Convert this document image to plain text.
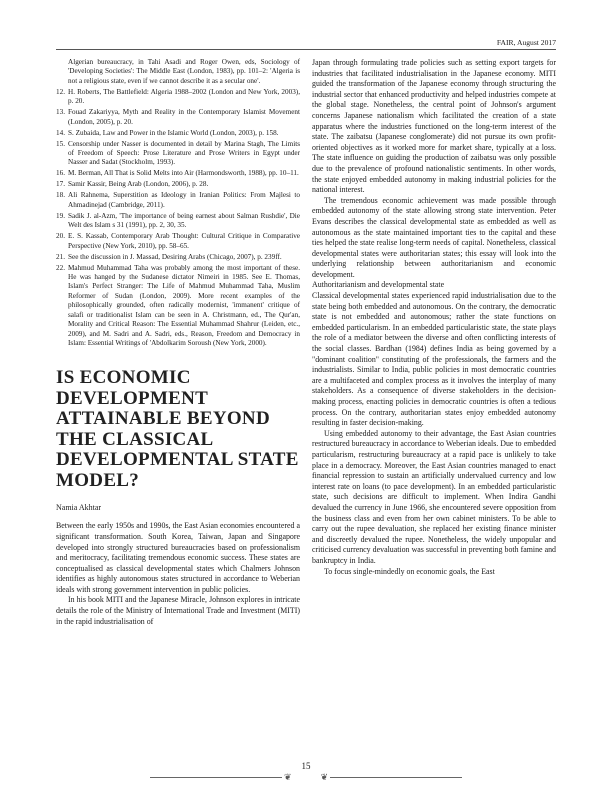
FAIR, August 2017
Algerian bureaucracy, in Tahi Asadi and Roger Owen, eds, Sociology of 'Developing Societies': The Middle East (London, 1983), pp. 101–2: 'Algeria is not a religious state, even if we cannot describe it as a secular one'.
12. H. Roberts, The Battlefield: Algeria 1988–2002 (London and New York, 2003), p. 20.
13. Fouad Zakariyya, Myth and Reality in the Contemporary Islamist Movement (London, 2005), p. 20.
14. S. Zubaida, Law and Power in the Islamic World (London, 2003), p. 158.
15. Censorship under Nasser is documented in detail by Marina Stagh, The Limits of Freedom of Speech: Prose Literature and Prose Writers in Egypt under Nasser and Sadat (Stockholm, 1993).
16. M. Berman, All That is Solid Melts into Air (Harmondsworth, 1988), pp. 10–11.
17. Samir Kassir, Being Arab (London, 2006), p. 28.
18. Ali Rahnema, Superstition as Ideology in Iranian Politics: From Majlesi to Ahmadinejad (Cambridge, 2011).
19. Sadik J. al-Azm, 'The importance of being earnest about Salman Rushdie', Die Welt des Islam s 31 (1991), pp. 2, 30, 35.
20. E. S. Kassab, Contemporary Arab Thought: Cultural Critique in Comparative Perspective (New York, 2010), pp. 58–65.
21. See the discussion in J. Massad, Desiring Arabs (Chicago, 2007), p. 239ff.
22. Mahmud Muhammad Taha was probably among the most important of these. He was hanged by the Sudanese dictator Nimeiri in 1985. See E. Thomas, Islam's Perfect Stranger: The Life of Mahmud Muhammad Taha, Muslim Reformer of Sudan (London, 2009). More recent examples of the philosophically grounded, often radically modernist, 'immanent' critique of salafi or traditionalist Islam can be seen in A. Christmann, ed., The Qur'an, Morality and Critical Reason: The Essential Muhammad Shahrur (Leiden, etc., 2009), and M. Sadri and A. Sadri, eds., Reason, Freedom and Democracy in Islam: Essential Writings of 'Abdolkarim Soroush (New York, 2000).
IS ECONOMIC DEVELOPMENT ATTAINABLE BEYOND THE CLASSICAL DEVELOPMENTAL STATE MODEL?
Namia Akhtar

Between the early 1950s and 1990s, the East Asian economies encountered a significant transformation. South Korea, Taiwan, Japan and Singapore developed into strongly structured bureaucracies based on professionalism and meritocracy, facilitating tremendous economic success. These states are conceptualised as classical developmental states which Chalmers Johnson identifies as highly autonomous states structured in accordance to Weberian ideals with strong government intervention in public policies.

In his book MITI and the Japanese Miracle, Johnson explores in intricate details the role of the Ministry of International Trade and Investment (MITI) in the rapid industrialisation of

Japan through formulating trade policies such as setting export targets for industries that facilitated industrialisation in the Japanese economy. MITI guided the transformation of the Japanese economy through structuring the industrial sector that enhanced productivity and helped industries compete at the global stage. Nonetheless, the central point of Johnson's argument concerns Japanese nationalism which facilitated the creation of a state apparatus where the industries functioned on the long-term interest of the state. The zaibatsu (Japanese conglomerate) did not pursue its own profit-oriented objectives as it worked more for market share, typically at a loss. The state influence on guiding the production of zaibatsu was only possible due to the prevalence of profound nationalistic sentiments. In other words, the state enjoyed embedded autonomy in making industrial policies for the national interest.

The tremendous economic achievement was made possible through embedded autonomy of the state allowing strong state intervention. Peter Evans describes the classical developmental state as embedded as well as autonomous as the state maintained important ties to the capital and these ties helped the state realise long-term needs of capital. Nonetheless, classical developmental states were authoritarian states; this essay will look into the underlying relationship between authoritarianism and economic development.

Authoritarianism and developmental state

Classical developmental states experienced rapid industrialisation due to the state being both embedded and autonomous. On the contrary, the democratic state is not embedded and autonomous; rather the state functions on embedded particularism. In an embedded particularistic state, the state plays the role of a mediator between the diverse and often conflicting interests of the social classes. Bardhan (1984) defines India as being governed by a "dominant coalition" constituting of the professionals, the farmers and the industrialists. Similar to India, public policies in most democratic countries are a multifaceted and complex process as it involves the interplay of many stakeholders. As a consequence of diverse stakeholders in the decision-making process, enacting policies in democratic countries is often a tedious process. On the contrary, authoritarian states enjoy embedded autonomy resulting in faster decision-making.

Using embedded autonomy to their advantage, the East Asian countries restructured bureaucracy in accordance to Weberian ideals. Due to embedded particularism, restructuring bureaucracy at a rapid pace is unlikely to take place in a democracy. Moreover, the East Asian countries managed to enact financial repression to sustain an artificially undervalued currency and low interest rate on loans (to pace development). In an embedded particularistic state, such decisions are difficult to implement. When Indira Gandhi devalued the currency in June 1966, she encountered severe opposition from the business class and even from her own cabinet ministers. To be able to carry out the rupee devaluation, she replaced her existing finance minister and discreetly devalued the rupee. Nonetheless, the widely unpopular and criticised currency devaluation was successful in preventing both famine and bankruptcy in India.

To focus single-mindedly on economic goals, the East

❦	❦
15
